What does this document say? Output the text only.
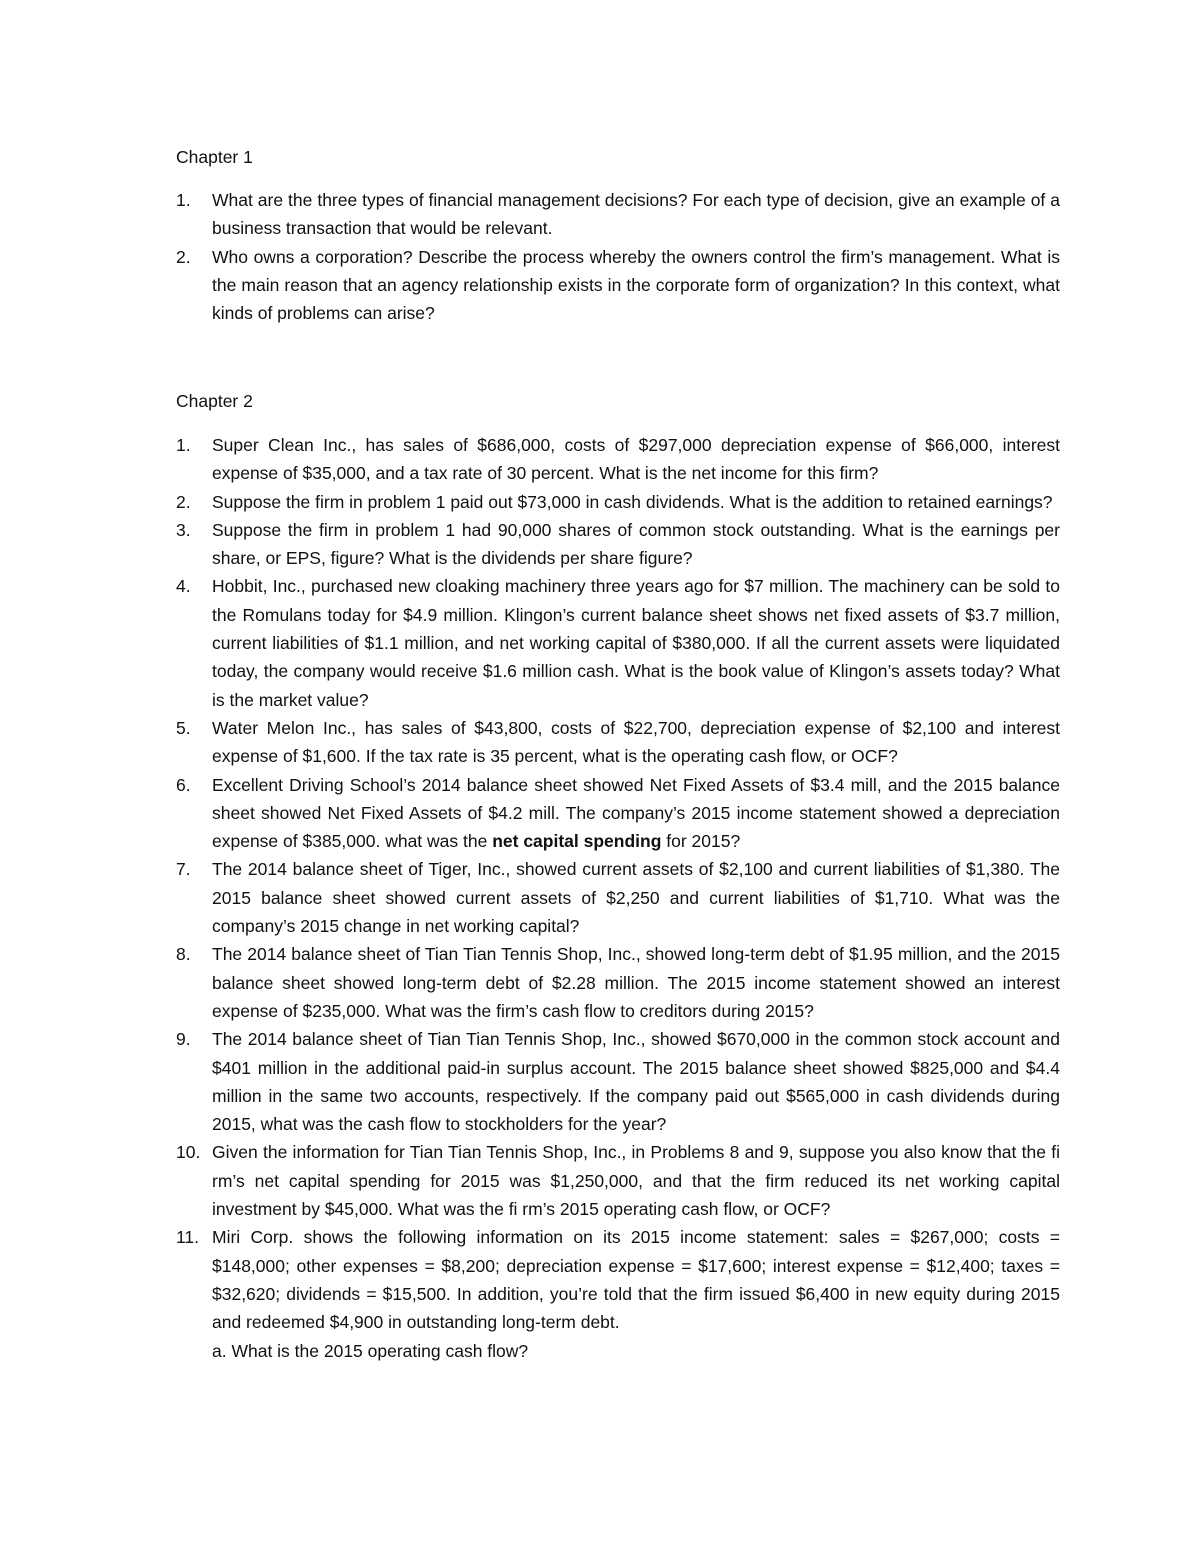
Chapter 1
1. What are the three types of financial management decisions? For each type of decision, give an example of a business transaction that would be relevant.
2. Who owns a corporation? Describe the process whereby the owners control the firm’s management. What is the main reason that an agency relationship exists in the corporate form of organization? In this context, what kinds of problems can arise?
Chapter 2
1. Super Clean Inc., has sales of $686,000, costs of $297,000 depreciation expense of $66,000, interest expense of $35,000, and a tax rate of 30 percent. What is the net income for this firm?
2. Suppose the firm in problem 1 paid out $73,000 in cash dividends. What is the addition to retained earnings?
3. Suppose the firm in problem 1 had 90,000 shares of common stock outstanding. What is the earnings per share, or EPS, figure? What is the dividends per share figure?
4. Hobbit, Inc., purchased new cloaking machinery three years ago for $7 million. The machinery can be sold to the Romulans today for $4.9 million. Klingon’s current balance sheet shows net fixed assets of $3.7 million, current liabilities of $1.1 million, and net working capital of $380,000. If all the current assets were liquidated today, the company would receive $1.6 million cash. What is the book value of Klingon’s assets today? What is the market value?
5. Water Melon Inc., has sales of $43,800, costs of $22,700, depreciation expense of $2,100 and interest expense of $1,600. If the tax rate is 35 percent, what is the operating cash flow, or OCF?
6. Excellent Driving School’s 2014 balance sheet showed Net Fixed Assets of $3.4 mill, and the 2015 balance sheet showed Net Fixed Assets of $4.2 mill. The company’s 2015 income statement showed a depreciation expense of $385,000. what was the net capital spending for 2015?
7. The 2014 balance sheet of Tiger, Inc., showed current assets of $2,100 and current liabilities of $1,380. The 2015 balance sheet showed current assets of $2,250 and current liabilities of $1,710. What was the company’s 2015 change in net working capital?
8. The 2014 balance sheet of Tian Tian Tennis Shop, Inc., showed long-term debt of $1.95 million, and the 2015 balance sheet showed long-term debt of $2.28 million. The 2015 income statement showed an interest expense of $235,000. What was the firm’s cash flow to creditors during 2015?
9. The 2014 balance sheet of Tian Tian Tennis Shop, Inc., showed $670,000 in the common stock account and $401 million in the additional paid-in surplus account. The 2015 balance sheet showed $825,000 and $4.4 million in the same two accounts, respectively. If the company paid out $565,000 in cash dividends during 2015, what was the cash flow to stockholders for the year?
10. Given the information for Tian Tian Tennis Shop, Inc., in Problems 8 and 9, suppose you also know that the fi rm’s net capital spending for 2015 was $1,250,000, and that the firm reduced its net working capital investment by $45,000. What was the fi rm’s 2015 operating cash flow, or OCF?
11. Miri Corp. shows the following information on its 2015 income statement: sales = $267,000; costs = $148,000; other expenses = $8,200; depreciation expense = $17,600; interest expense = $12,400; taxes = $32,620; dividends = $15,500. In addition, you’re told that the firm issued $6,400 in new equity during 2015 and redeemed $4,900 in outstanding long-term debt.
a. What is the 2015 operating cash flow?
